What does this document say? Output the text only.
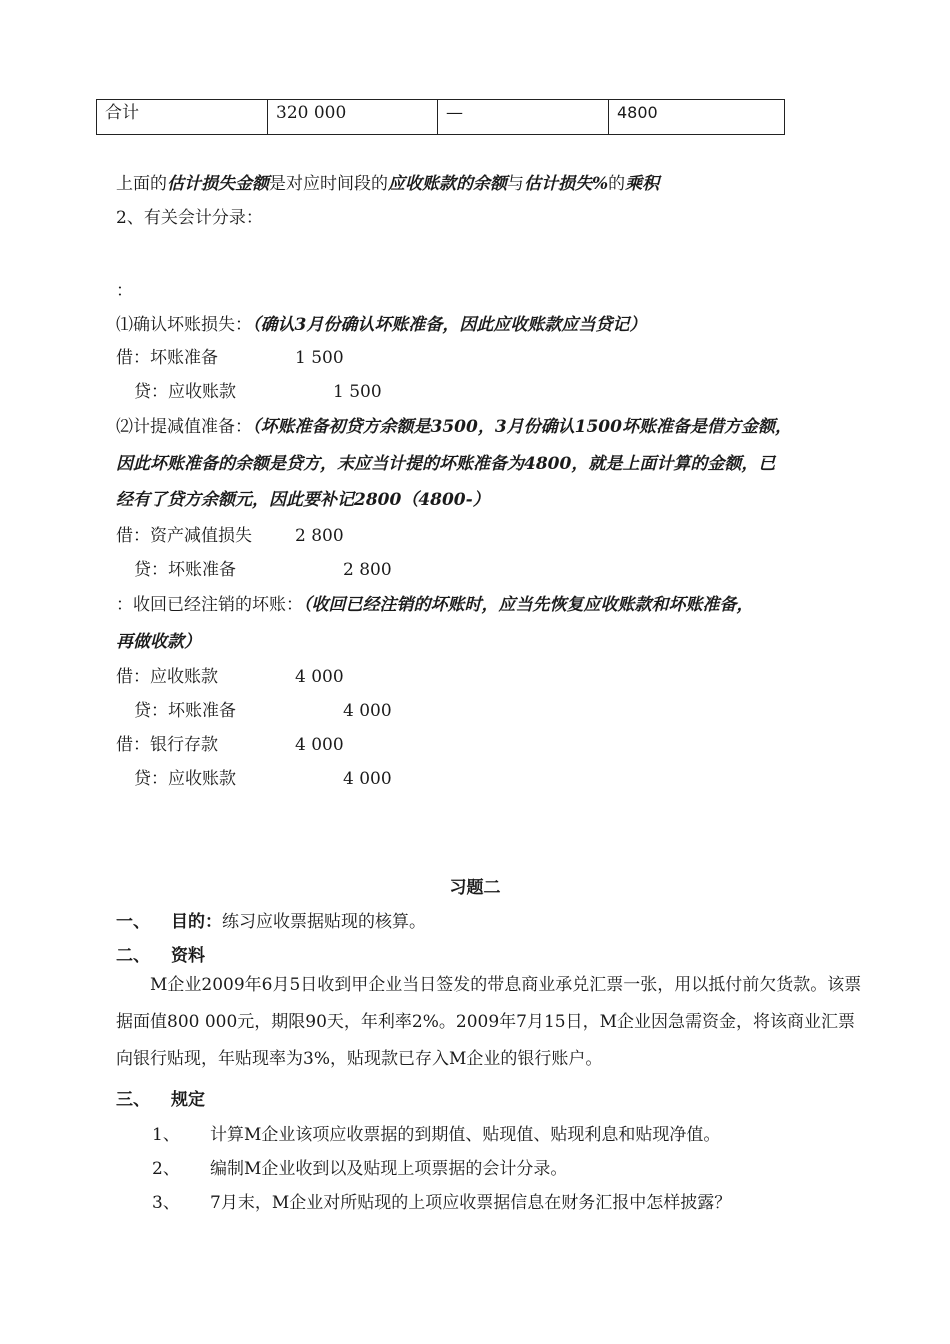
合计	320 000	—	4800
上面的估计损失金额是对应时间段的应收账款的余额与估计损失%的乘积
2、有关会计分录：
：
⑴确认坏账损失：（确认3月份确认坏账准备，因此应收账款应当贷记）
借：坏账准备	1 500
贷：应收账款	1 500
⑵计提减值准备：（坏账准备初贷方余额是3500，3月份确认1500坏账准备是借方金额，
因此坏账准备的余额是贷方，末应当计提的坏账准备为4800，就是上面计算的金额，已
经有了贷方余额元，因此要补记2800（4800-）
借：资产减值损失	2 800
贷：坏账准备	2 800
：收回已经注销的坏账：（收回已经注销的坏账时，应当先恢复应收账款和坏账准备，
再做收款）
借：应收账款	4 000
贷：坏账准备	4 000
借：银行存款	4 000
贷：应收账款	4 000
习题二
一、 目的：练习应收票据贴现的核算。
二、 资料
M企业2009年6月5日收到甲企业当日签发的带息商业承兑汇票一张，用以抵付前欠货款。该票据面值800 000元，期限90天，年利率2%。2009年7月15日，M企业因急需资金，将该商业汇票向银行贴现，年贴现率为3%，贴现款已存入M企业的银行账户。
三、 规定
1、 计算M企业该项应收票据的到期值、贴现值、贴现利息和贴现净值。
2、 编制M企业收到以及贴现上项票据的会计分录。
3、 7月末，M企业对所贴现的上项应收票据信息在财务汇报中怎样披露？
